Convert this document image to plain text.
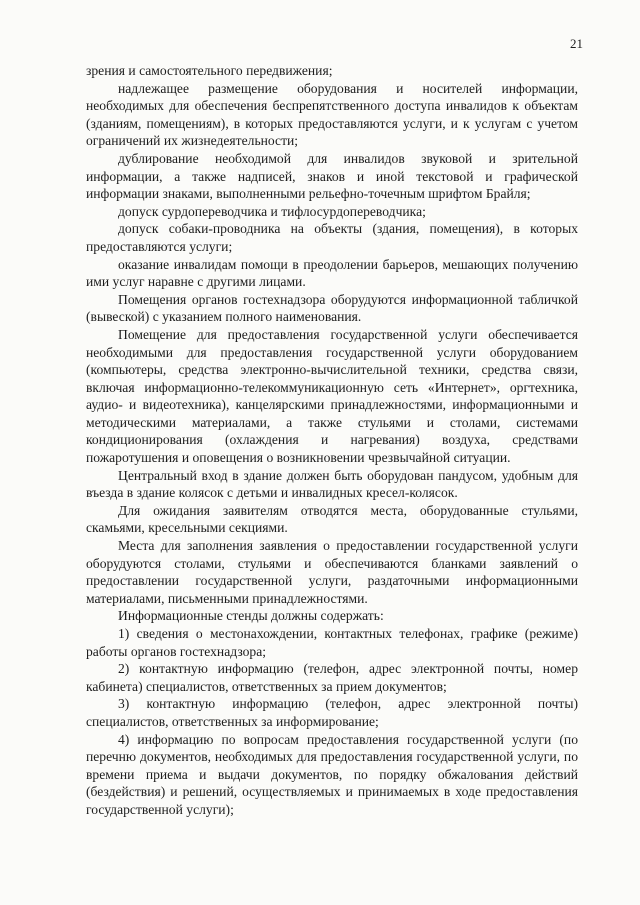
21

зрения и самостоятельного передвижения;

надлежащее размещение оборудования и носителей информации, необходимых для обеспечения беспрепятственного доступа инвалидов к объектам (зданиям, помещениям), в которых предоставляются услуги, и к услугам с учетом ограничений их жизнедеятельности;

дублирование необходимой для инвалидов звуковой и зрительной информации, а также надписей, знаков и иной текстовой и графической информации знаками, выполненными рельефно-точечным шрифтом Брайля;

допуск сурдопереводчика и тифлосурдопереводчика;

допуск собаки-проводника на объекты (здания, помещения), в которых предоставляются услуги;

оказание инвалидам помощи в преодолении барьеров, мешающих получению ими услуг наравне с другими лицами.

Помещения органов гостехнадзора оборудуются информационной табличкой (вывеской) с указанием полного наименования.

Помещение для предоставления государственной услуги обеспечивается необходимыми для предоставления государственной услуги оборудованием (компьютеры, средства электронно-вычислительной техники, средства связи, включая информационно-телекоммуникационную сеть «Интернет», оргтехника, аудио- и видеотехника), канцелярскими принадлежностями, информационными и методическими материалами, а также стульями и столами, системами кондиционирования (охлаждения и нагревания) воздуха, средствами пожаротушения и оповещения о возникновении чрезвычайной ситуации.

Центральный вход в здание должен быть оборудован пандусом, удобным для въезда в здание колясок с детьми и инвалидных кресел-колясок.

Для ожидания заявителям отводятся места, оборудованные стульями, скамьями, кресельными секциями.

Места для заполнения заявления о предоставлении государственной услуги оборудуются столами, стульями и обеспечиваются бланками заявлений о предоставлении государственной услуги, раздаточными информационными материалами, письменными принадлежностями.

Информационные стенды должны содержать:

1) сведения о местонахождении, контактных телефонах, графике (режиме) работы органов гостехнадзора;

2) контактную информацию (телефон, адрес электронной почты, номер кабинета) специалистов, ответственных за прием документов;

3) контактную информацию (телефон, адрес электронной почты) специалистов, ответственных за информирование;

4) информацию по вопросам предоставления государственной услуги (по перечню документов, необходимых для предоставления государственной услуги, по времени приема и выдачи документов, по порядку обжалования действий (бездействия) и решений, осуществляемых и принимаемых в ходе предоставления государственной услуги);
